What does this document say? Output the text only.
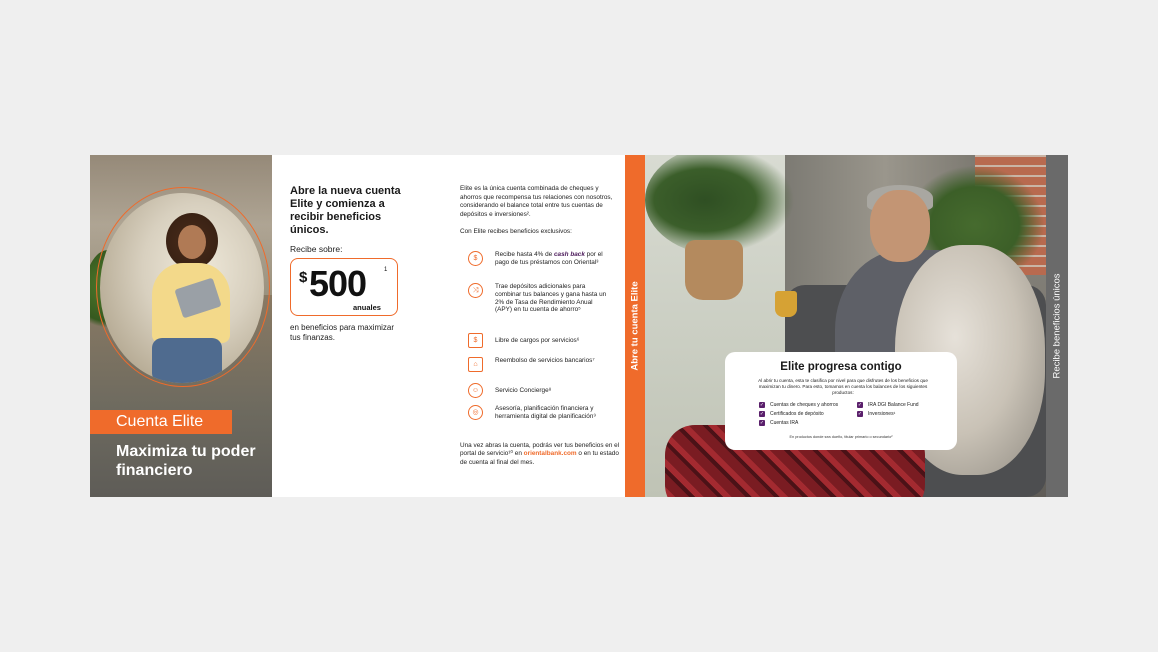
Cuenta Elite
Maximiza tu poder financiero
Abre la nueva cuenta Elite y comienza a recibir beneficios únicos.
Recibe sobre:
$ 500	1
anuales
en beneficios para maximizar tus finanzas.
Elite es la única cuenta combinada de cheques y ahorros que recompensa tus relaciones con nosotros, considerando el balance total entre tus cuentas de depósitos e inversiones².
Con Elite recibes beneficios exclusivos:
$
Recibe hasta 4% de cash back por el pago de tus préstamos con Oriental³
⤨
Trae depósitos adicionales para combinar tus balances y gana hasta un 2% de Tasa de Rendimiento Anual (APY) en tu cuenta de ahorro⁵
$	Libre de cargos por servicios⁶
⌂
Reembolso de servicios bancarios⁷
☺	Servicio Concierge⁸
◎
Asesoría, planificación financiera y herramienta digital de planificación⁹
Una vez abras la cuenta, podrás ver tus beneficios en el portal de servicio¹⁰ en orientalbank.com o en tu estado de cuenta al final del mes.
Abre tu cuenta Elite	Elite progresa contigo
Al abrir tu cuenta, esta te clasifica por nivel para que disfrutes de los beneficios que maximizan tu dinero. Para esto, tomamos en cuenta los balances de los siguientes productos:
✓ Cuentas de cheques y ahorros
✓ Certificados de depósito
✓ Cuentas IRA
✓ IRA DGI Balance Fund
✓ Inversiones¹
En productos donde sea dueño, titular primario o secundario²
Recibe beneficios únicos
